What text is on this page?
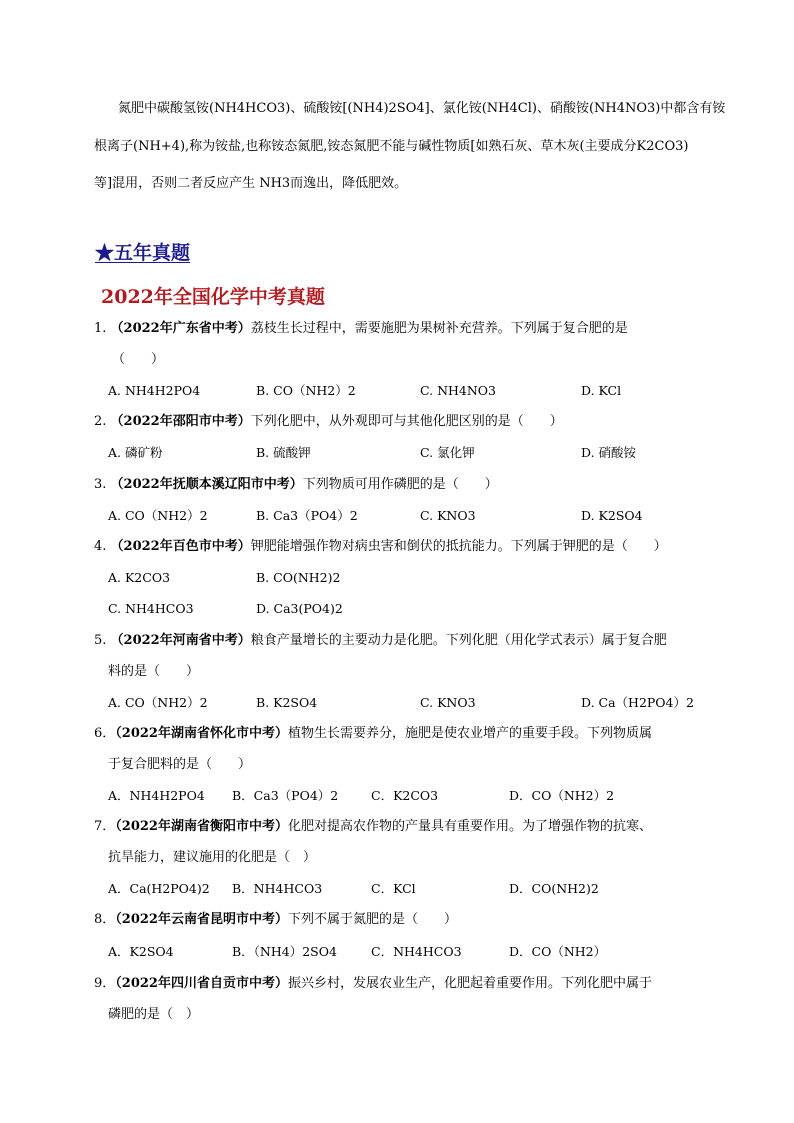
氮肥中碳酸氢铵(NH4HCO3)、硫酸铵[(NH4)2SO4]、氯化铵(NH4Cl)、硝酸铵(NH4NO3)中都含有铵
根离子(NH+4),称为铵盐,也称铵态氮肥,铵态氮肥不能与碱性物质[如熟石灰、草木灰(主要成分K2CO3)
等]混用，否则二者反应产生 NH3而逸出，降低肥效。
★五年真题
2022年全国化学中考真题
1. （2022年广东省中考）荔枝生长过程中，需要施肥为果树补充营养。下列属于复合肥的是
（　　）
A. NH4H2PO4	B. CO（NH2）2	C. NH4NO3	D. KCl
2. （2022年邵阳市中考）下列化肥中，从外观即可与其他化肥区别的是（　　）
A. 磷矿粉	B. 硫酸钾	C. 氯化钾	D. 硝酸铵
3. （2022年抚顺本溪辽阳市中考）下列物质可用作磷肥的是（　　）
A. CO（NH2）2	B. Ca3（PO4）2	C. KNO3	D. K2SO4
4. （2022年百色市中考）钾肥能增强作物对病虫害和倒伏的抵抗能力。下列属于钾肥的是（　　）
A. K2CO3	B. CO(NH2)2
C. NH4HCO3	D. Ca3(PO4)2
5. （2022年河南省中考）粮食产量增长的主要动力是化肥。下列化肥（用化学式表示）属于复合肥
料的是（　　）
A. CO（NH2）2	B. K2SO4	C. KNO3	D. Ca（H2PO4）2
6．（2022年湖南省怀化市中考）植物生长需要养分，施肥是使农业增产的重要手段。下列物质属
于复合肥料的是（　　）
A．NH4H2PO4 B．Ca3（PO4）2	C．K2CO3	D．CO（NH2）2
7．（2022年湖南省衡阳市中考）化肥对提高农作物的产量具有重要作用。为了增强作物的抗寒、
抗旱能力，建议施用的化肥是（　）
A．Ca(H2PO4)2 B．NH4HCO3	C．KCl	D．CO(NH2)2
8．（2022年云南省昆明市中考）下列不属于氮肥的是（　　）
A．K2SO4	B．（NH4）2SO4	C．NH4HCO3	D．CO（NH2）
9．（2022年四川省自贡市中考）振兴乡村，发展农业生产，化肥起着重要作用。下列化肥中属于
磷肥的是（　）
